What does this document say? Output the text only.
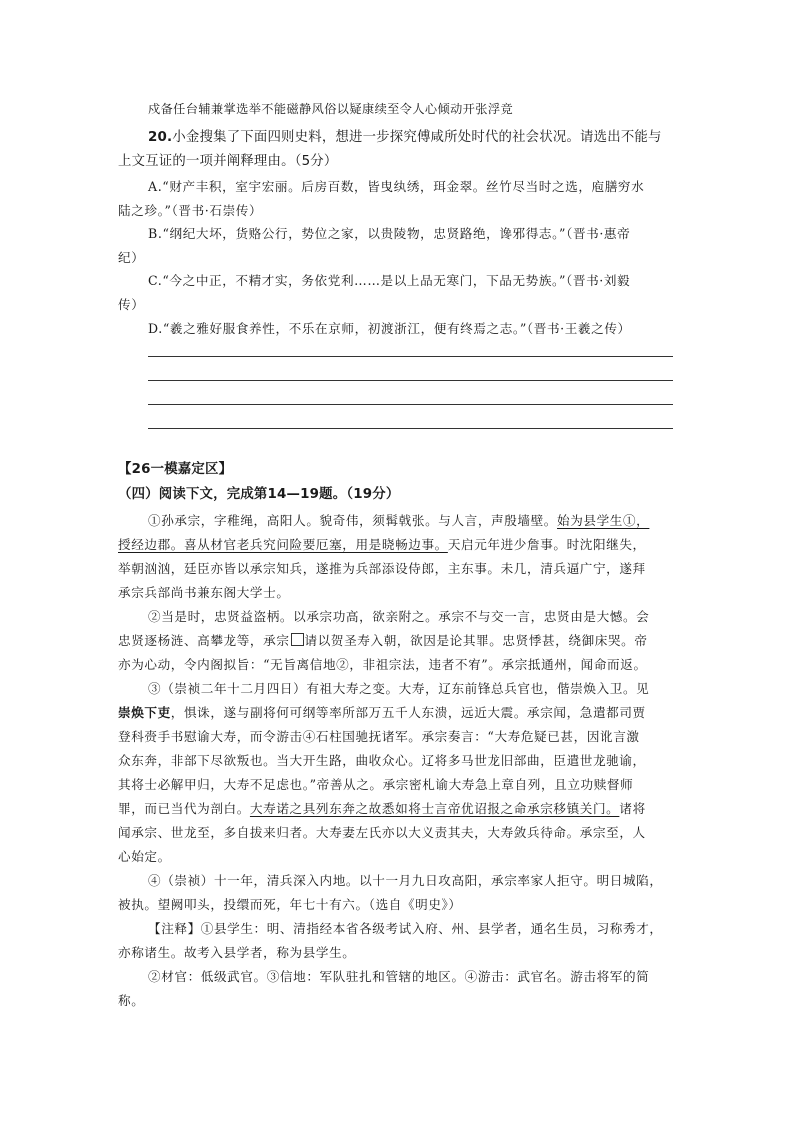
戍备任台辅兼掌选举不能磁静风俗以疑康续至令人心倾动开张浮竞
20.小金搜集了下面四则史料，想进一步探究傅咸所处时代的社会状况。请选出不能与
上文互证的一项并阐释理由。（5分）
A.“财产丰积，室宇宏丽。后房百数，皆曳纨绣，珥金翠。丝竹尽当时之选，庖膳穷水
陆之珍。”（晋书·石崇传）
B.“纲纪大坏，货赂公行，势位之家，以贵陵物，忠贤路绝，谗邪得志。”（晋书·惠帝
纪）
C.“今之中正，不精才实，务依党利……是以上品无寒门，下品无势族。”（晋书·刘毅
传）
D.“羲之雅好服食养性，不乐在京师，初渡浙江，便有终焉之志。”（晋书·王羲之传）
【26一模嘉定区】
（四）阅读下文，完成第14—19题。（19分）
①孙承宗，字稚绳，高阳人。貌奇伟，须髯戟张。与人言，声殷墙壁。始为县学生①，
授经边郡。喜从材官老兵究问险要厄塞，用是晓畅边事。天启元年进少詹事。时沈阳继失，
举朝汹汹，廷臣亦皆以承宗知兵，遂推为兵部添设侍郎，主东事。未几，清兵逼广宁，遂拜
承宗兵部尚书兼东阁大学士。
②当是时，忠贤益盗柄。以承宗功高，欲亲附之。承宗不与交一言，忠贤由是大憾。会
忠贤逐杨涟、高攀龙等，承宗 请以贺圣寿入朝，欲因是论其罪。忠贤悸甚，绕御床哭。帝
亦为心动，令内阁拟旨：“无旨离信地②，非祖宗法，违者不宥”。承宗抵通州，闻命而返。
③（崇祯二年十二月四日）有祖大寿之变。大寿，辽东前锋总兵官也，偕崇焕入卫。见
崇焕下吏，惧诛，遂与副将何可纲等率所部万五千人东溃，远近大震。承宗闻，急遣都司贾
登科赍手书慰谕大寿，而令游击④石柱国驰抚诸军。承宗奏言：“大寿危疑已甚，因讹言激
众东奔，非部下尽欲叛也。当大开生路，曲收众心。辽将多马世龙旧部曲，臣遣世龙驰谕，
其将士必解甲归，大寿不足虑也。”帝善从之。承宗密札谕大寿急上章自列，且立功赎督师
罪，而已当代为剖白。大寿诺之具列东奔之故悉如将士言帝优诏报之命承宗移镇关门。诸将
闻承宗、世龙至，多自拔来归者。大寿妻左氏亦以大义责其夫，大寿敛兵待命。承宗至，人
心始定。
④（崇祯）十一年，清兵深入内地。以十一月九日攻高阳，承宗率家人拒守。明日城陷，
被执。望阙叩头，投缳而死，年七十有六。（选自《明史》）
【注释】①县学生：明、清指经本省各级考试入府、州、县学者，通名生员，习称秀才，
亦称诸生。故考入县学者，称为县学生。
②材官：低级武官。③信地：军队驻扎和管辖的地区。④游击：武官名。游击将军的简
称。
